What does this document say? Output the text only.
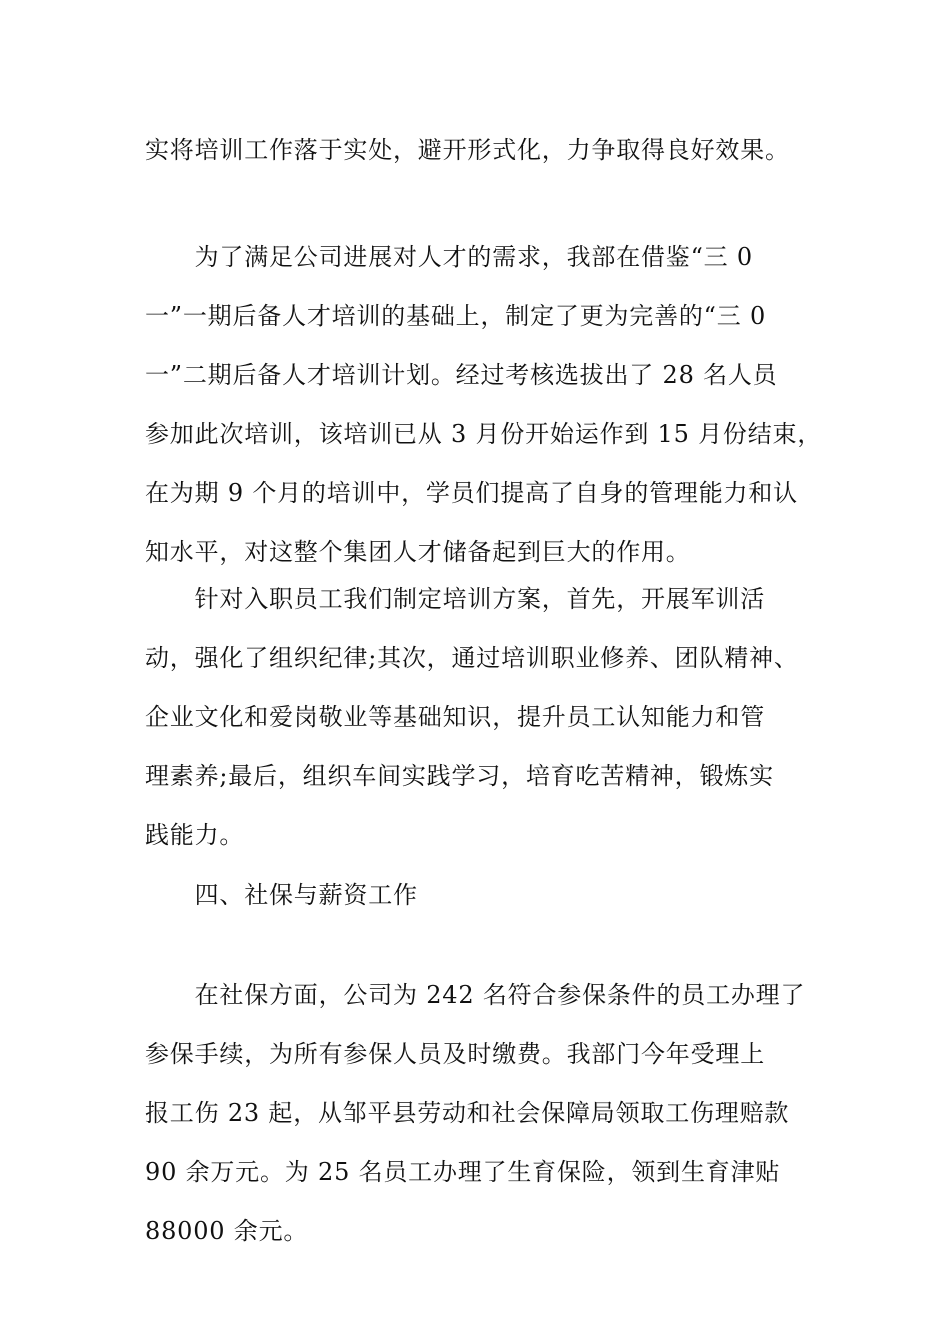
实将培训工作落于实处，避开形式化，力争取得良好效果。

　　为了满足公司进展对人才的需求，我部在借鉴“三 0
一”一期后备人才培训的基础上，制定了更为完善的“三 0
一”二期后备人才培训计划。经过考核选拔出了 28 名人员
参加此次培训，该培训已从 3 月份开始运作到 15 月份结束，
在为期 9 个月的培训中，学员们提高了自身的管理能力和认
知水平，对这整个集团人才储备起到巨大的作用。

　　针对入职员工我们制定培训方案，首先，开展军训活
动，强化了组织纪律;其次，通过培训职业修养、团队精神、
企业文化和爱岗敬业等基础知识，提升员工认知能力和管
理素养;最后，组织车间实践学习，培育吃苦精神，锻炼实
践能力。

　　四、社保与薪资工作

　　在社保方面，公司为 242 名符合参保条件的员工办理了
参保手续，为所有参保人员及时缴费。我部门今年受理上
报工伤 23 起，从邹平县劳动和社会保障局领取工伤理赔款
90 余万元。为 25 名员工办理了生育保险，领到生育津贴
88000 余元。
